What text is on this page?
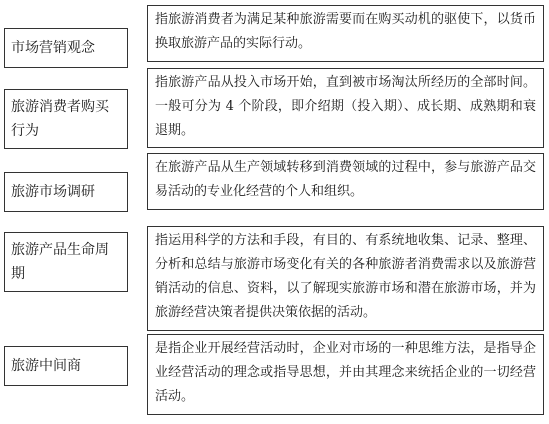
市场营销观念
旅游消费者购买行为
旅游市场调研
旅游产品生命周期
旅游中间商
指旅游消费者为满足某种旅游需要而在购买动机的驱使下，以货币换取旅游产品的实际行动。
指旅游产品从投入市场开始，直到被市场淘汰所经历的全部时间。一般可分为 4 个阶段，即介绍期（投入期）、成长期、成熟期和衰退期。
在旅游产品从生产领域转移到消费领域的过程中，参与旅游产品交易活动的专业化经营的个人和组织。
指运用科学的方法和手段，有目的、有系统地收集、记录、整理、分析和总结与旅游市场变化有关的各种旅游者消费需求以及旅游营销活动的信息、资料，以了解现实旅游市场和潜在旅游市场，并为旅游经营决策者提供决策依据的活动。
是指企业开展经营活动时，企业对市场的一种思维方法，是指导企业经营活动的理念或指导思想，并由其理念来统括企业的一切经营活动。
